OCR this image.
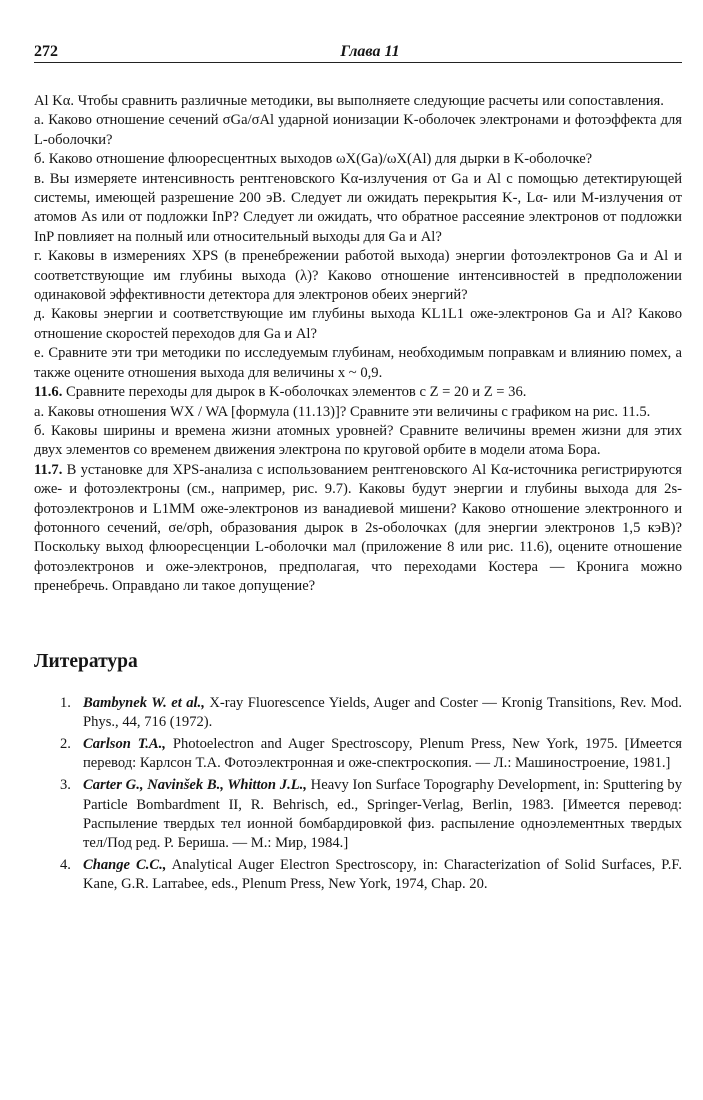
272	Глава 11

Al Kα. Чтобы сравнить различные методики, вы выполняете следующие расчеты или сопоставления.

а. Каково отношение сечений σGa/σAl ударной ионизации K-оболочек электронами и фотоэффекта для L-оболочки?

б. Каково отношение флюоресцентных выходов ωX(Ga)/ωX(Al) для дырки в K-оболочке?

в. Вы измеряете интенсивность рентгеновского Kα-излучения от Ga и Al с помощью детектирующей системы, имеющей разрешение 200 эВ. Следует ли ожидать перекрытия K-, Lα- или M-излучения от атомов As или от подложки InP? Следует ли ожидать, что обратное рассеяние электронов от подложки InP повлияет на полный или относительный выходы для Ga и Al?

г. Каковы в измерениях XPS (в пренебрежении работой выхода) энергии фотоэлектронов Ga и Al и соответствующие им глубины выхода (λ)? Каково отношение интенсивностей в предположении одинаковой эффективности детектора для электронов обеих энергий?

д. Каковы энергии и соответствующие им глубины выхода KL1L1 оже-электронов Ga и Al? Каково отношение скоростей переходов для Ga и Al?

е. Сравните эти три методики по исследуемым глубинам, необходимым поправкам и влиянию помех, а также оцените отношения выхода для величины x ~ 0,9.

11.6. Сравните переходы для дырок в K-оболочках элементов с Z = 20 и Z = 36.

а. Каковы отношения WX / WA [формула (11.13)]? Сравните эти величины с графиком на рис. 11.5.

б. Каковы ширины и времена жизни атомных уровней? Сравните величины времен жизни для этих двух элементов со временем движения электрона по круговой орбите в модели атома Бора.

11.7. В установке для XPS-анализа с использованием рентгеновского Al Kα-источника регистрируются оже- и фотоэлектроны (см., например, рис. 9.7). Каковы будут энергии и глубины выхода для 2s-фотоэлектронов и L1MM оже-электронов из ванадиевой мишени? Каково отношение электронного и фотонного сечений, σe/σph, образования дырок в 2s-оболочках (для энергии электронов 1,5 кэВ)? Поскольку выход флюоресценции L-оболочки мал (приложение 8 или рис. 11.6), оцените отношение фотоэлектронов и оже-электронов, предполагая, что переходами Костера — Кронига можно пренебречь. Оправдано ли такое допущение?

Литература
1. Bambynek W. et al., X-ray Fluorescence Yields, Auger and Coster — Kronig Transitions, Rev. Mod. Phys., 44, 716 (1972).
2. Carlson T.A., Photoelectron and Auger Spectroscopy, Plenum Press, New York, 1975. [Имеется перевод: Карлсон Т.А. Фотоэлектронная и оже-спектроскопия. — Л.: Машиностроение, 1981.]
3. Carter G., Navinšek B., Whitton J.L., Heavy Ion Surface Topography Development, in: Sputtering by Particle Bombardment II, R. Behrisch, ed., Springer-Verlag, Berlin, 1983. [Имеется перевод: Распыление твердых тел ионной бомбардировкой физ. распыление одноэлементных твердых тел/Под ред. Р. Бериша. — М.: Мир, 1984.]
4. Change C.C., Analytical Auger Electron Spectroscopy, in: Characterization of Solid Surfaces, P.F. Kane, G.R. Larrabee, eds., Plenum Press, New York, 1974, Chap. 20.
